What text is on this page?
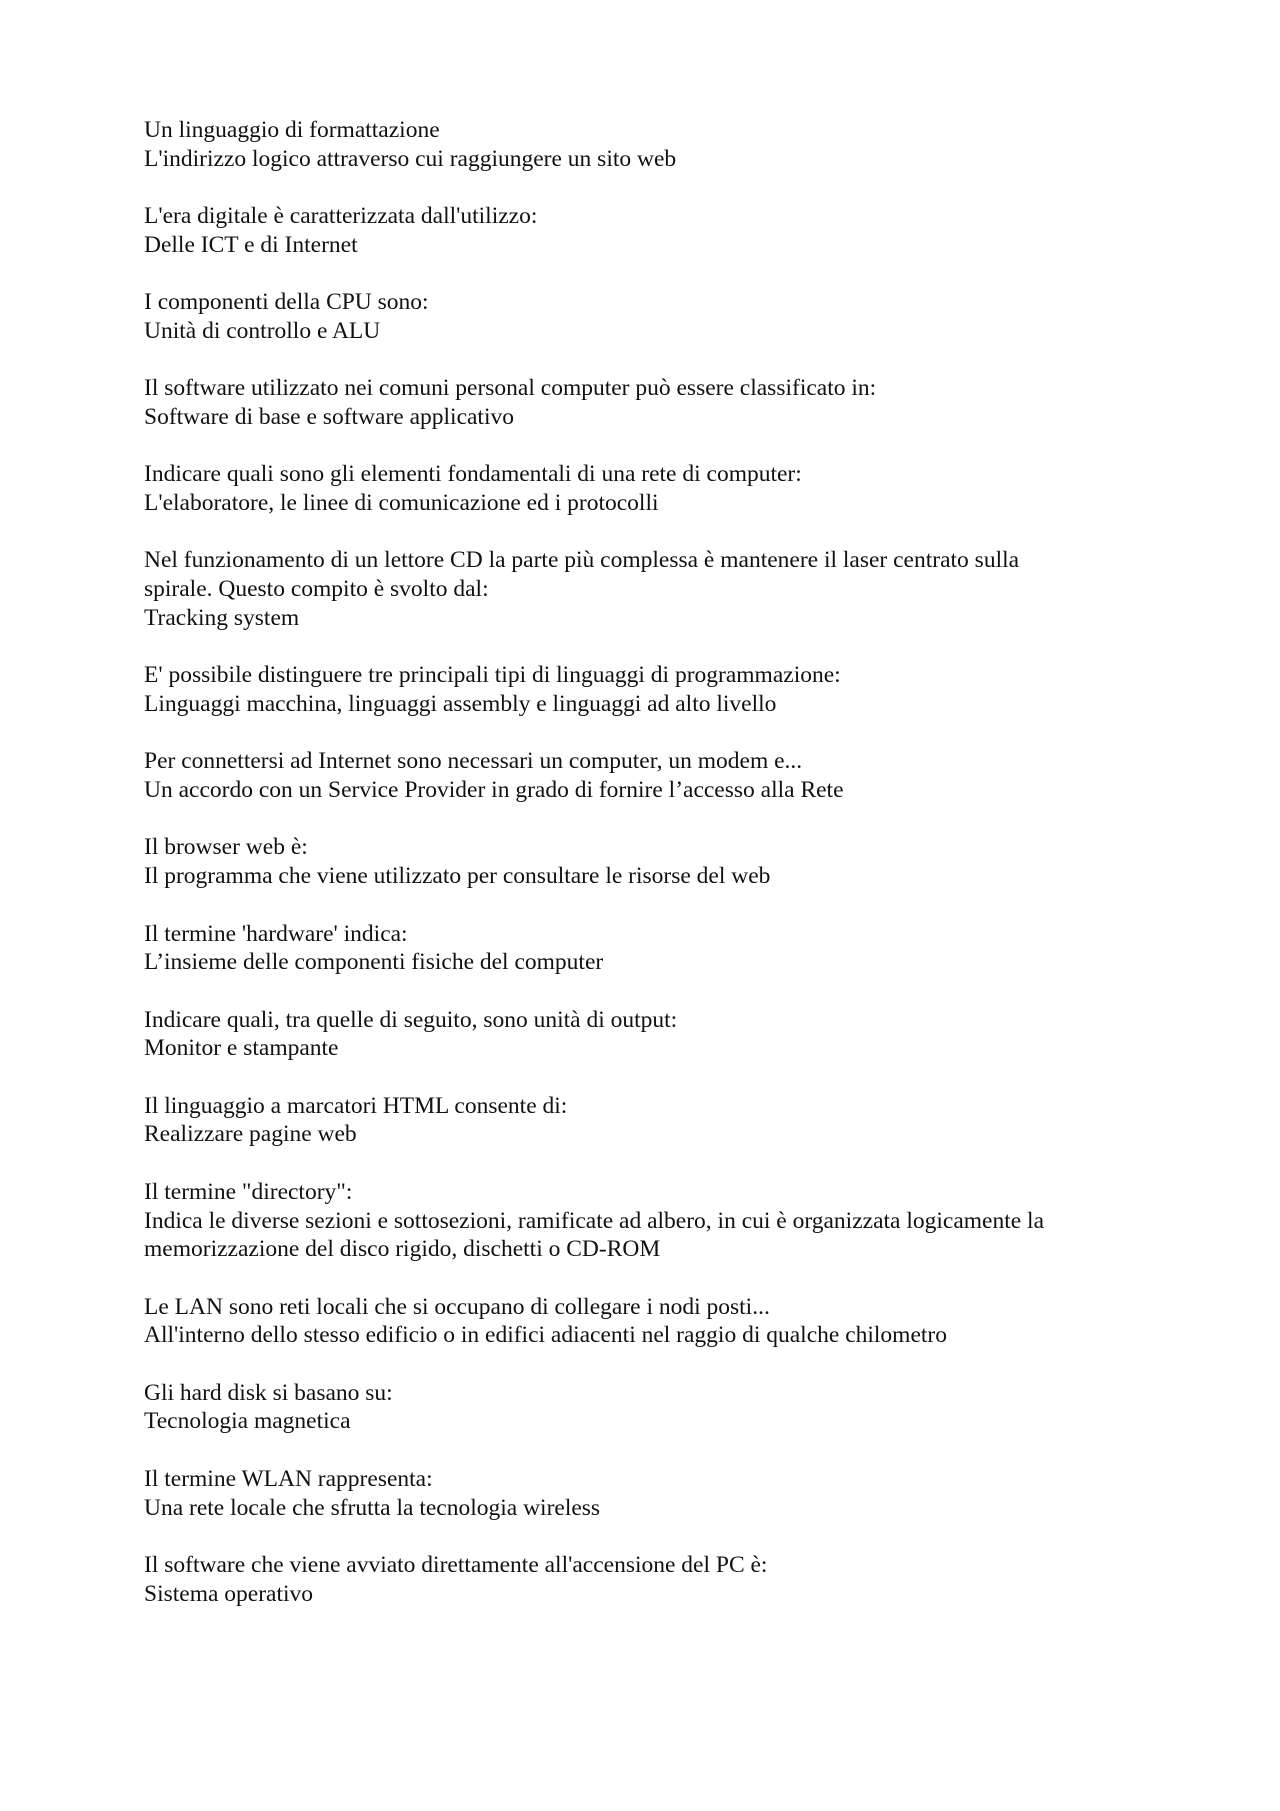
Un linguaggio di formattazione
L'indirizzo logico attraverso cui raggiungere un sito web
L'era digitale è caratterizzata dall'utilizzo:
Delle ICT e di Internet
I componenti della CPU sono:
Unità di controllo e ALU
Il software utilizzato nei comuni personal computer può essere classificato in:
Software di base e software applicativo
Indicare quali sono gli elementi fondamentali di una rete di computer:
L'elaboratore, le linee di comunicazione ed i protocolli
Nel funzionamento di un lettore CD la parte più complessa è mantenere il laser centrato sulla
spirale. Questo compito è svolto dal:
Tracking system
E' possibile distinguere tre principali tipi di linguaggi di programmazione:
Linguaggi macchina, linguaggi assembly e linguaggi ad alto livello
Per connettersi ad Internet sono necessari un computer, un modem e...
Un accordo con un Service Provider in grado di fornire l’accesso alla Rete
Il browser web è:
Il programma che viene utilizzato per consultare le risorse del web
Il termine 'hardware' indica:
L’insieme delle componenti fisiche del computer
Indicare quali, tra quelle di seguito, sono unità di output:
Monitor e stampante
Il linguaggio a marcatori HTML consente di:
Realizzare pagine web
Il termine "directory":
Indica le diverse sezioni e sottosezioni, ramificate ad albero, in cui è organizzata logicamente la
memorizzazione del disco rigido, dischetti o CD-ROM
Le LAN sono reti locali che si occupano di collegare i nodi posti...
All'interno dello stesso edificio o in edifici adiacenti nel raggio di qualche chilometro
Gli hard disk si basano su:
Tecnologia magnetica
Il termine WLAN rappresenta:
Una rete locale che sfrutta la tecnologia wireless
Il software che viene avviato direttamente all'accensione del PC è:
Sistema operativo
